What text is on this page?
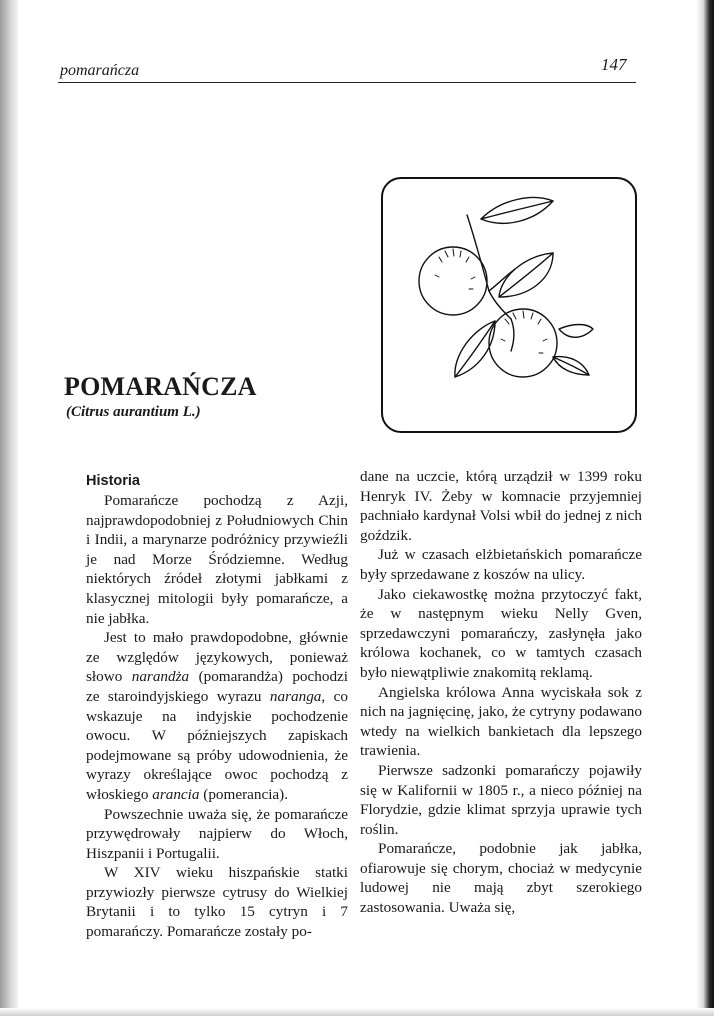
pomarańcza	147
POMARAŃCZA

(Citrus aurantium L.)

Historia

Pomarańcze pochodzą z Azji, najprawdopodobniej z Południowych Chin i Indii, a marynarze podróżnicy przywieźli je nad Morze Śródziemne. Według niektórych źródeł złotymi jabłkami z klasycznej mitologii były pomarańcze, a nie jabłka.

Jest to mało prawdopodobne, głównie ze względów językowych, ponieważ słowo narandża (pomarandża) pochodzi ze staroindyjskiego wyrazu naranga, co wskazuje na indyjskie pochodzenie owocu. W późniejszych zapiskach podejmowane są próby udowodnienia, że wyrazy określające owoc pochodzą z włoskiego arancia (pomerancia).

Powszechnie uważa się, że pomarańcze przywędrowały najpierw do Włoch, Hiszpanii i Portugalii.

W XIV wieku hiszpańskie statki przywiozły pierwsze cytrusy do Wielkiej Brytanii i to tylko 15 cytryn i 7 pomarańczy. Pomarańcze zostały po-

dane na uczcie, którą urządził w 1399 roku Henryk IV. Żeby w komnacie przyjemniej pachniało kardynał Volsi wbił do jednej z nich goździk.

Już w czasach elżbietańskich pomarańcze były sprzedawane z koszów na ulicy.

Jako ciekawostkę można przytoczyć fakt, że w następnym wieku Nelly Gven, sprzedawczyni pomarańczy, zasłynęła jako królowa kochanek, co w tamtych czasach było niewątpliwie znakomitą reklamą.

Angielska królowa Anna wyciskała sok z nich na jagnięcinę, jako, że cytryny podawano wtedy na wielkich bankietach dla lepszego trawienia.

Pierwsze sadzonki pomarańczy pojawiły się w Kalifornii w 1805 r., a nieco później na Florydzie, gdzie klimat sprzyja uprawie tych roślin.

Pomarańcze, podobnie jak jabłka, ofiarowuje się chorym, chociaż w medycynie ludowej nie mają zbyt szerokiego zastosowania. Uważa się,
